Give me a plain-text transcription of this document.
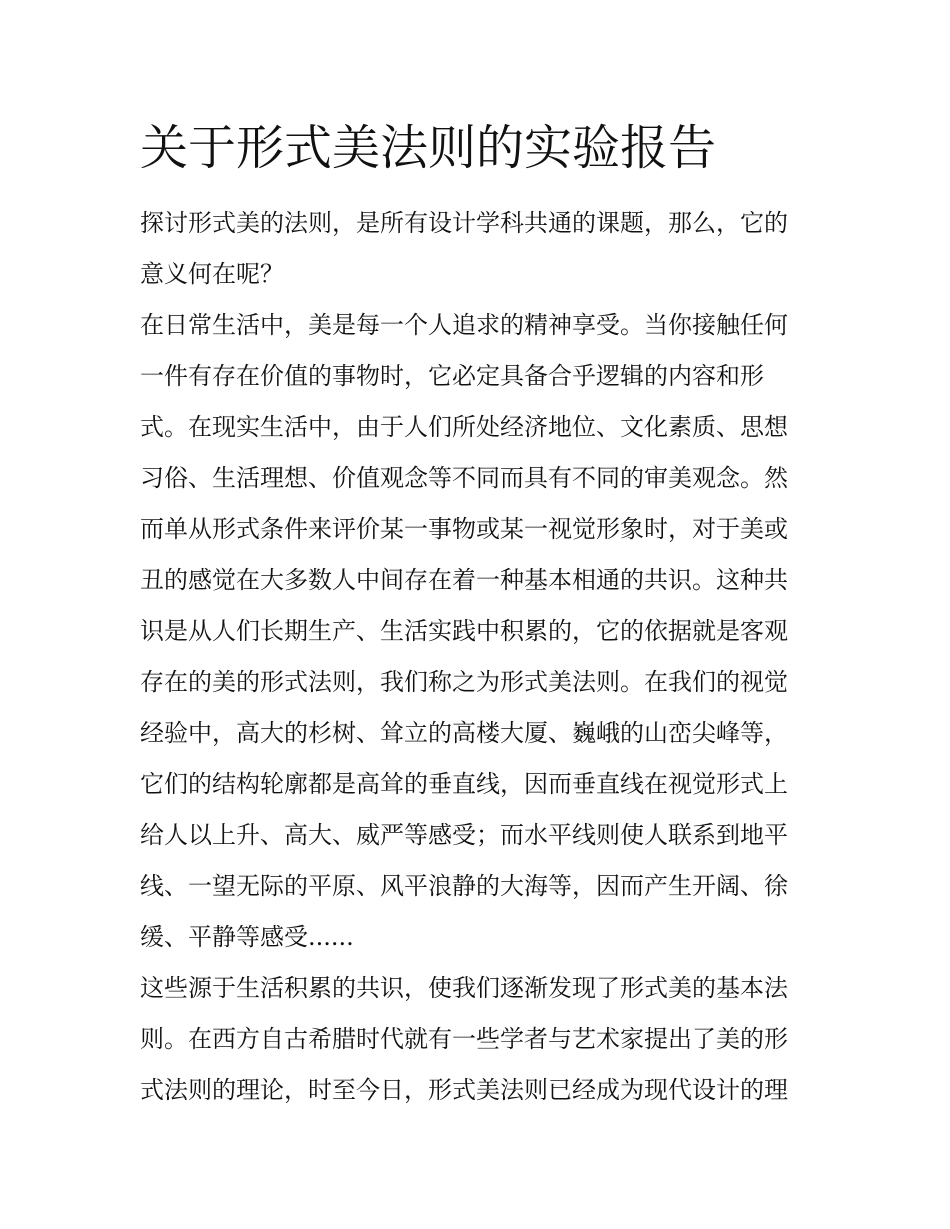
关于形式美法则的实验报告

探讨形式美的法则，是所有设计学科共通的课题，那么，它的
意义何在呢？

在日常生活中，美是每一个人追求的精神享受。当你接触任何
一件有存在价值的事物时，它必定具备合乎逻辑的内容和形
式。在现实生活中，由于人们所处经济地位、文化素质、思想
习俗、生活理想、价值观念等不同而具有不同的审美观念。然
而单从形式条件来评价某一事物或某一视觉形象时，对于美或
丑的感觉在大多数人中间存在着一种基本相通的共识。这种共
识是从人们长期生产、生活实践中积累的，它的依据就是客观
存在的美的形式法则，我们称之为形式美法则。在我们的视觉
经验中，高大的杉树、耸立的高楼大厦、巍峨的山峦尖峰等，
它们的结构轮廓都是高耸的垂直线，因而垂直线在视觉形式上
给人以上升、高大、威严等感受；而水平线则使人联系到地平
线、一望无际的平原、风平浪静的大海等，因而产生开阔、徐
缓、平静等感受......

这些源于生活积累的共识，使我们逐渐发现了形式美的基本法
则。在西方自古希腊时代就有一些学者与艺术家提出了美的形
式法则的理论，时至今日，形式美法则已经成为现代设计的理
